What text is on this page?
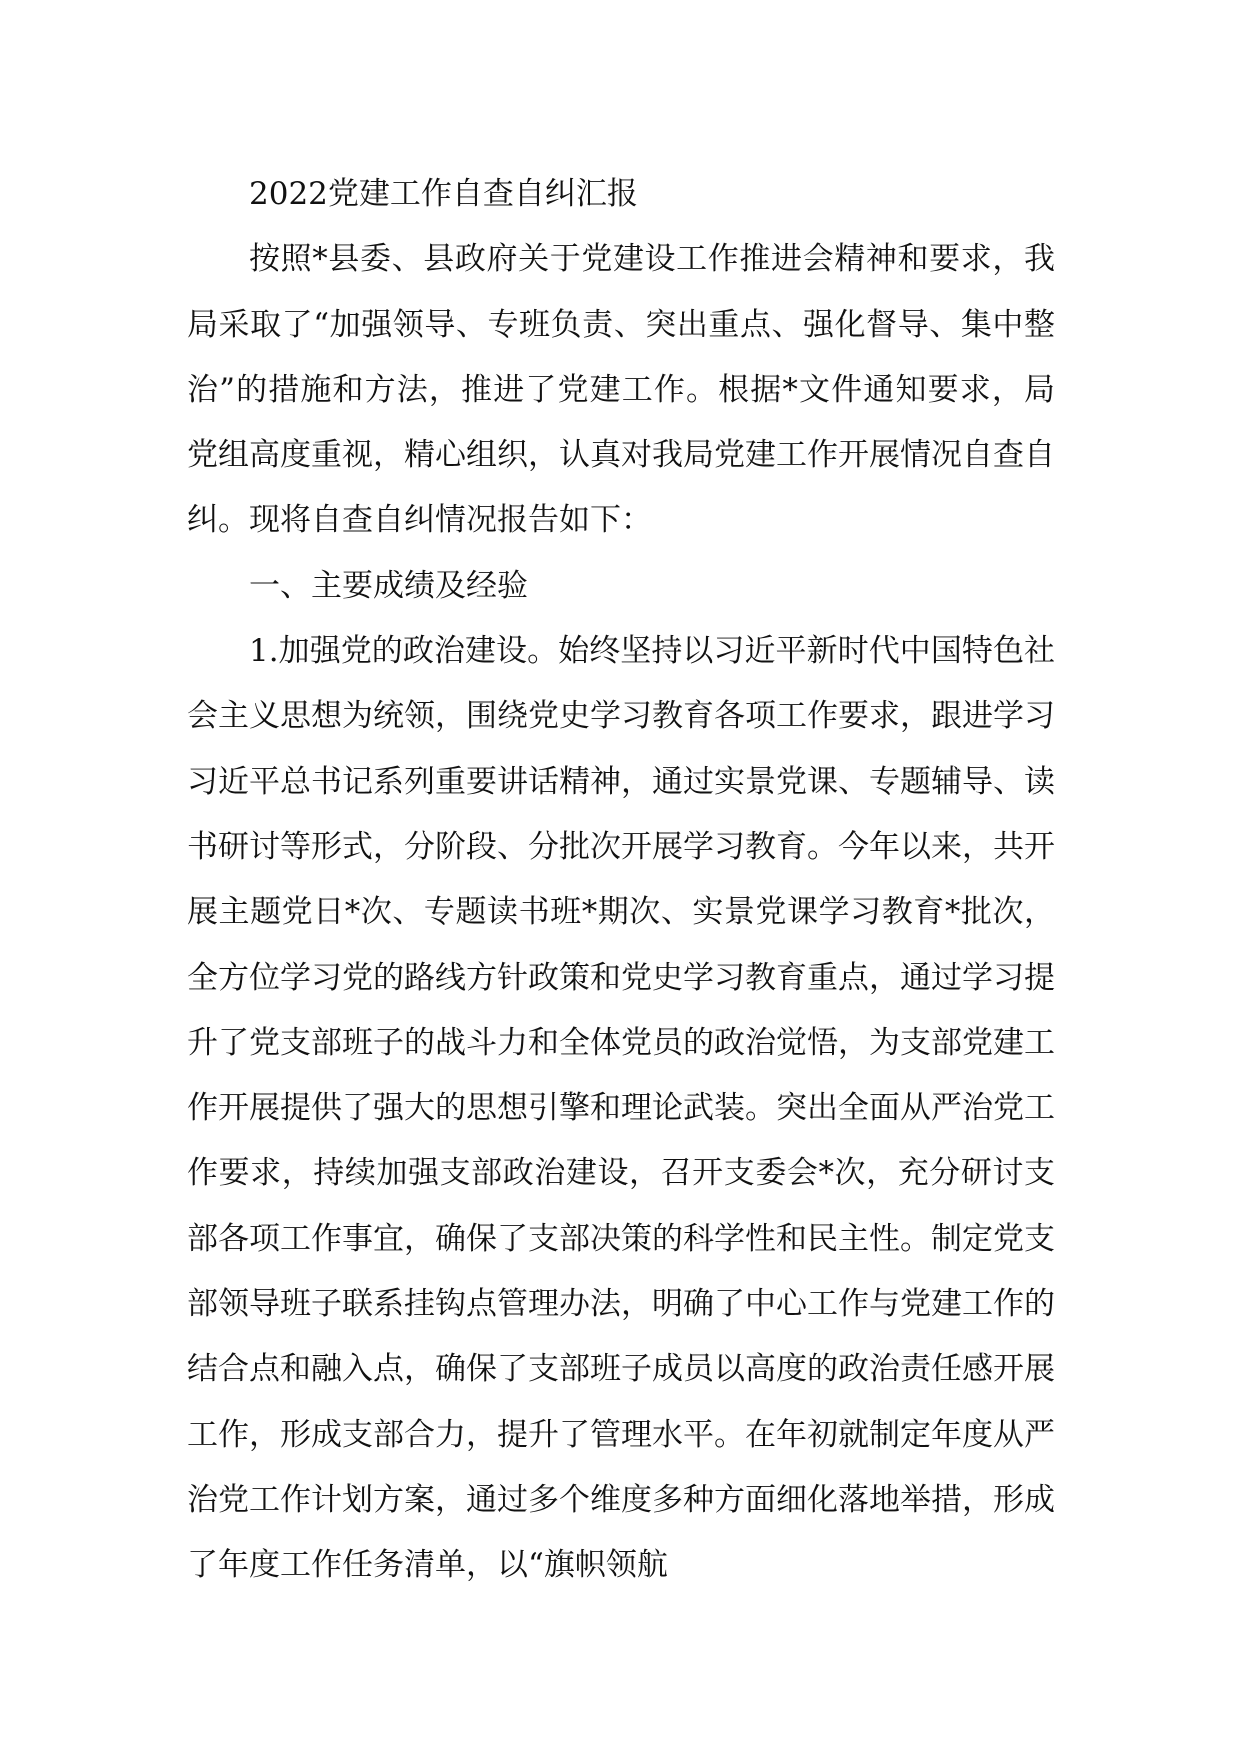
2022党建工作自查自纠汇报

按照*县委、县政府关于党建设工作推进会精神和要求，我局采取了“加强领导、专班负责、突出重点、强化督导、集中整治”的措施和方法，推进了党建工作。根据*文件通知要求，局党组高度重视，精心组织，认真对我局党建工作开展情况自查自纠。现将自查自纠情况报告如下：

一、主要成绩及经验

1.加强党的政治建设。始终坚持以习近平新时代中国特色社会主义思想为统领，围绕党史学习教育各项工作要求，跟进学习习近平总书记系列重要讲话精神，通过实景党课、专题辅导、读书研讨等形式，分阶段、分批次开展学习教育。今年以来，共开展主题党日*次、专题读书班*期次、实景党课学习教育*批次，全方位学习党的路线方针政策和党史学习教育重点，通过学习提升了党支部班子的战斗力和全体党员的政治觉悟，为支部党建工作开展提供了强大的思想引擎和理论武装。突出全面从严治党工作要求，持续加强支部政治建设，召开支委会*次，充分研讨支部各项工作事宜，确保了支部决策的科学性和民主性。制定党支部领导班子联系挂钩点管理办法，明确了中心工作与党建工作的结合点和融入点，确保了支部班子成员以高度的政治责任感开展工作，形成支部合力，提升了管理水平。在年初就制定年度从严治党工作计划方案，通过多个维度多种方面细化落地举措，形成了年度工作任务清单，以“旗帜领航
